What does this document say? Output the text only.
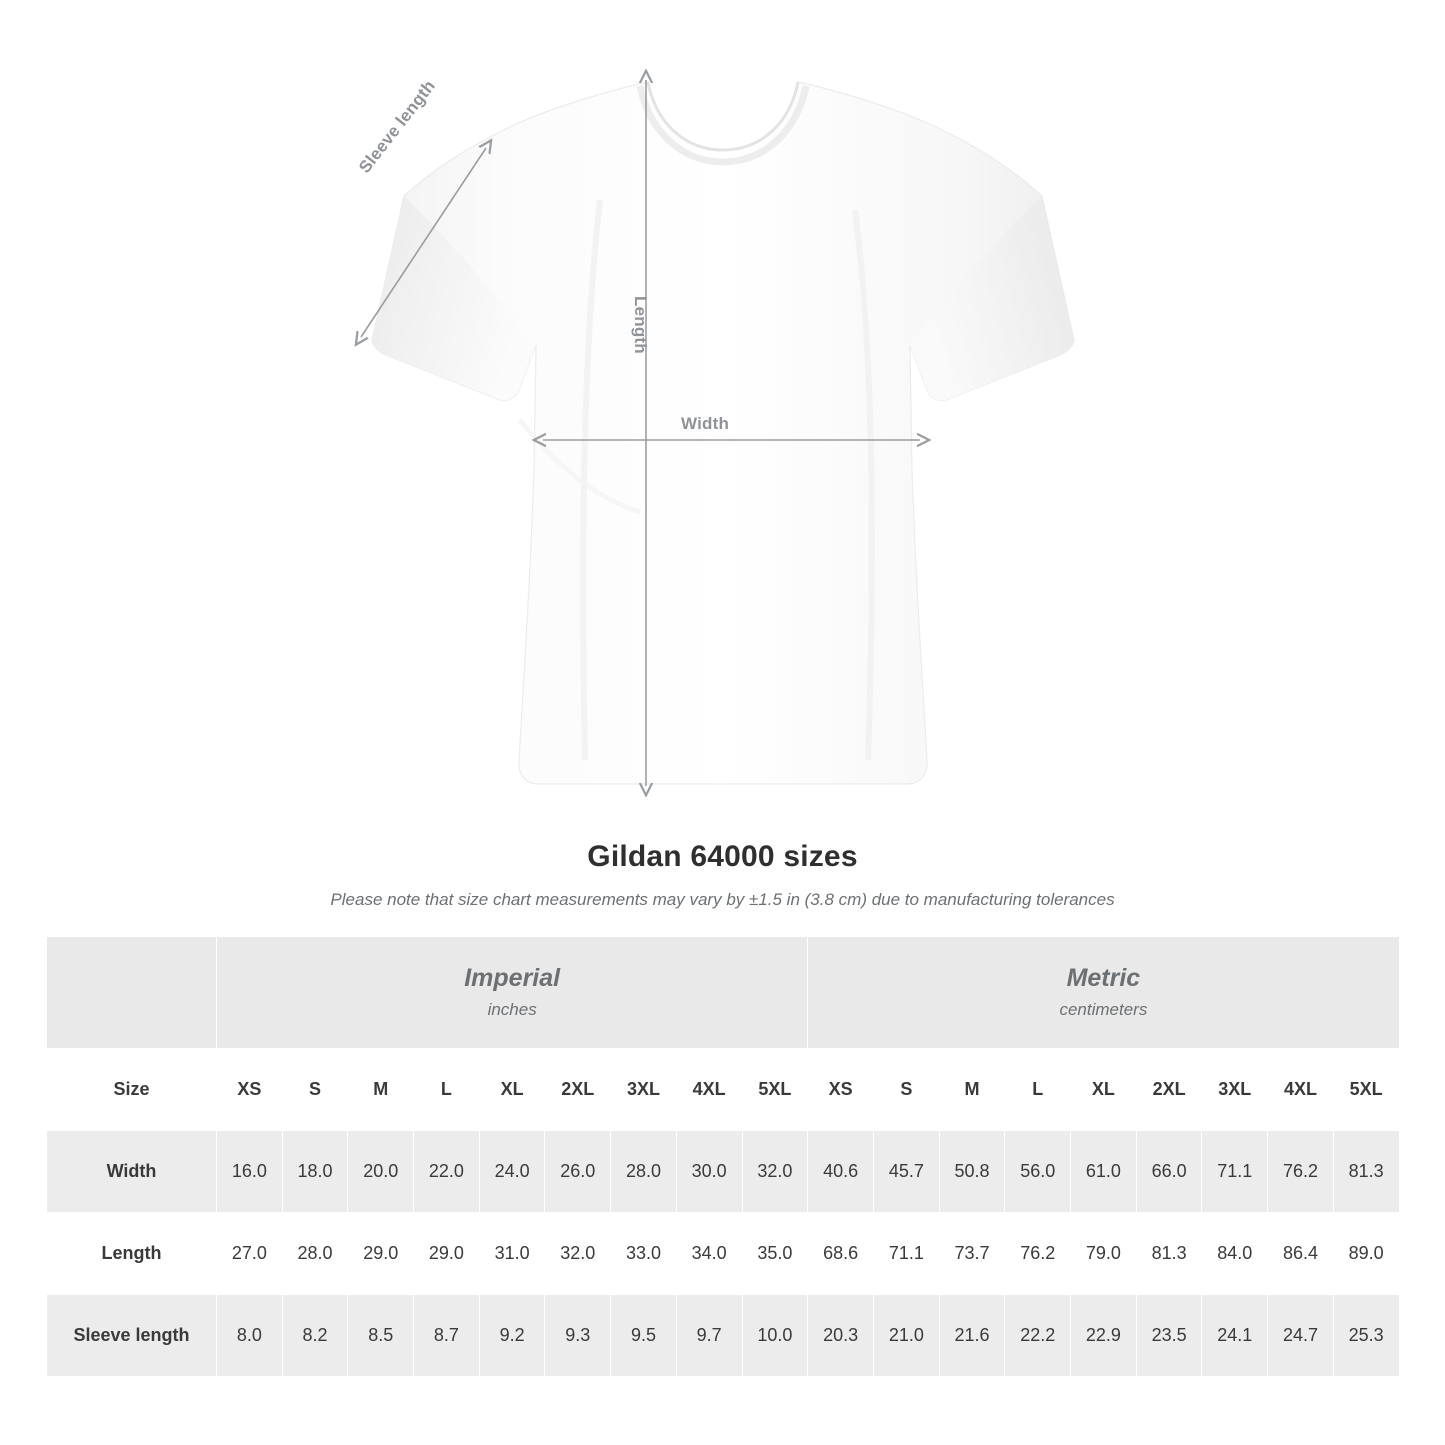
Sleeve length
Length
Width
Gildan 64000 sizes
Please note that size chart measurements may vary by ±1.5 in (3.8 cm) due to manufacturing tolerances

Imperial
inches

Metric
centimeters

Size	XS	S	M	L	XL	2XL	3XL	4XL	5XL	XS	S	M	L	XL	2XL	3XL	4XL	5XL
Width	16.0	18.0	20.0	22.0	24.0	26.0	28.0	30.0	32.0	40.6	45.7	50.8	56.0	61.0	66.0	71.1	76.2	81.3
Length	27.0	28.0	29.0	29.0	31.0	32.0	33.0	34.0	35.0	68.6	71.1	73.7	76.2	79.0	81.3	84.0	86.4	89.0
Sleeve length	8.0	8.2	8.5	8.7	9.2	9.3	9.5	9.7	10.0	20.3	21.0	21.6	22.2	22.9	23.5	24.1	24.7	25.3
